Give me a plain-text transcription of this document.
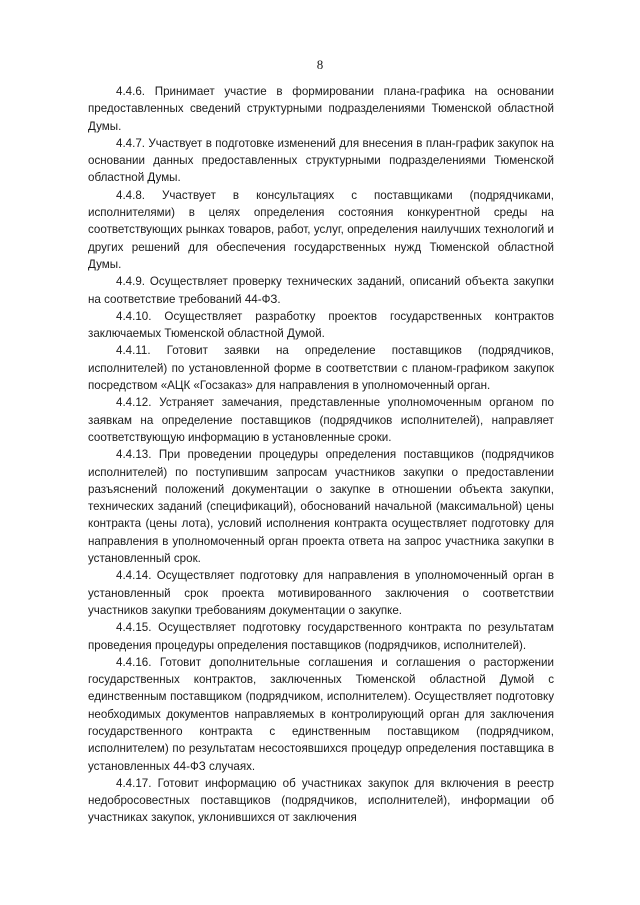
8

4.4.6. Принимает участие в формировании плана-графика на основании предоставленных сведений структурными подразделениями Тюменской областной Думы.

4.4.7. Участвует в подготовке изменений для внесения в план-график закупок на основании данных предоставленных структурными подразделениями Тюменской областной Думы.

4.4.8. Участвует в консультациях с поставщиками (подрядчиками, исполнителями) в целях определения состояния конкурентной среды на соответствующих рынках товаров, работ, услуг, определения наилучших технологий и других решений для обеспечения государственных нужд Тюменской областной Думы.

4.4.9. Осуществляет проверку технических заданий, описаний объекта закупки на соответствие требований 44-ФЗ.

4.4.10. Осуществляет разработку проектов государственных контрактов заключаемых Тюменской областной Думой.

4.4.11. Готовит заявки на определение поставщиков (подрядчиков, исполнителей) по установленной форме в соответствии с планом-графиком закупок посредством «АЦК «Госзаказ» для направления в уполномоченный орган.

4.4.12. Устраняет замечания, представленные уполномоченным органом по заявкам на определение поставщиков (подрядчиков исполнителей), направляет соответствующую информацию в установленные сроки.

4.4.13. При проведении процедуры определения поставщиков (подрядчиков исполнителей) по поступившим запросам участников закупки о предоставлении разъяснений положений документации о закупке в отношении объекта закупки, технических заданий (спецификаций), обоснований начальной (максимальной) цены контракта (цены лота), условий исполнения контракта осуществляет подготовку для направления в уполномоченный орган проекта ответа на запрос участника закупки в установленный срок.

4.4.14. Осуществляет подготовку для направления в уполномоченный орган в установленный срок проекта мотивированного заключения о соответствии участников закупки требованиям документации о закупке.

4.4.15. Осуществляет подготовку государственного контракта по результатам проведения процедуры определения поставщиков (подрядчиков, исполнителей).

4.4.16. Готовит дополнительные соглашения и соглашения о расторжении государственных контрактов, заключенных Тюменской областной Думой с единственным поставщиком (подрядчиком, исполнителем). Осуществляет подготовку необходимых документов направляемых в контролирующий орган для заключения государственного контракта с единственным поставщиком (подрядчиком, исполнителем) по результатам несостоявшихся процедур определения поставщика в установленных 44-ФЗ случаях.

4.4.17. Готовит информацию об участниках закупок для включения в реестр недобросовестных поставщиков (подрядчиков, исполнителей), информации об участниках закупок, уклонившихся от заключения
